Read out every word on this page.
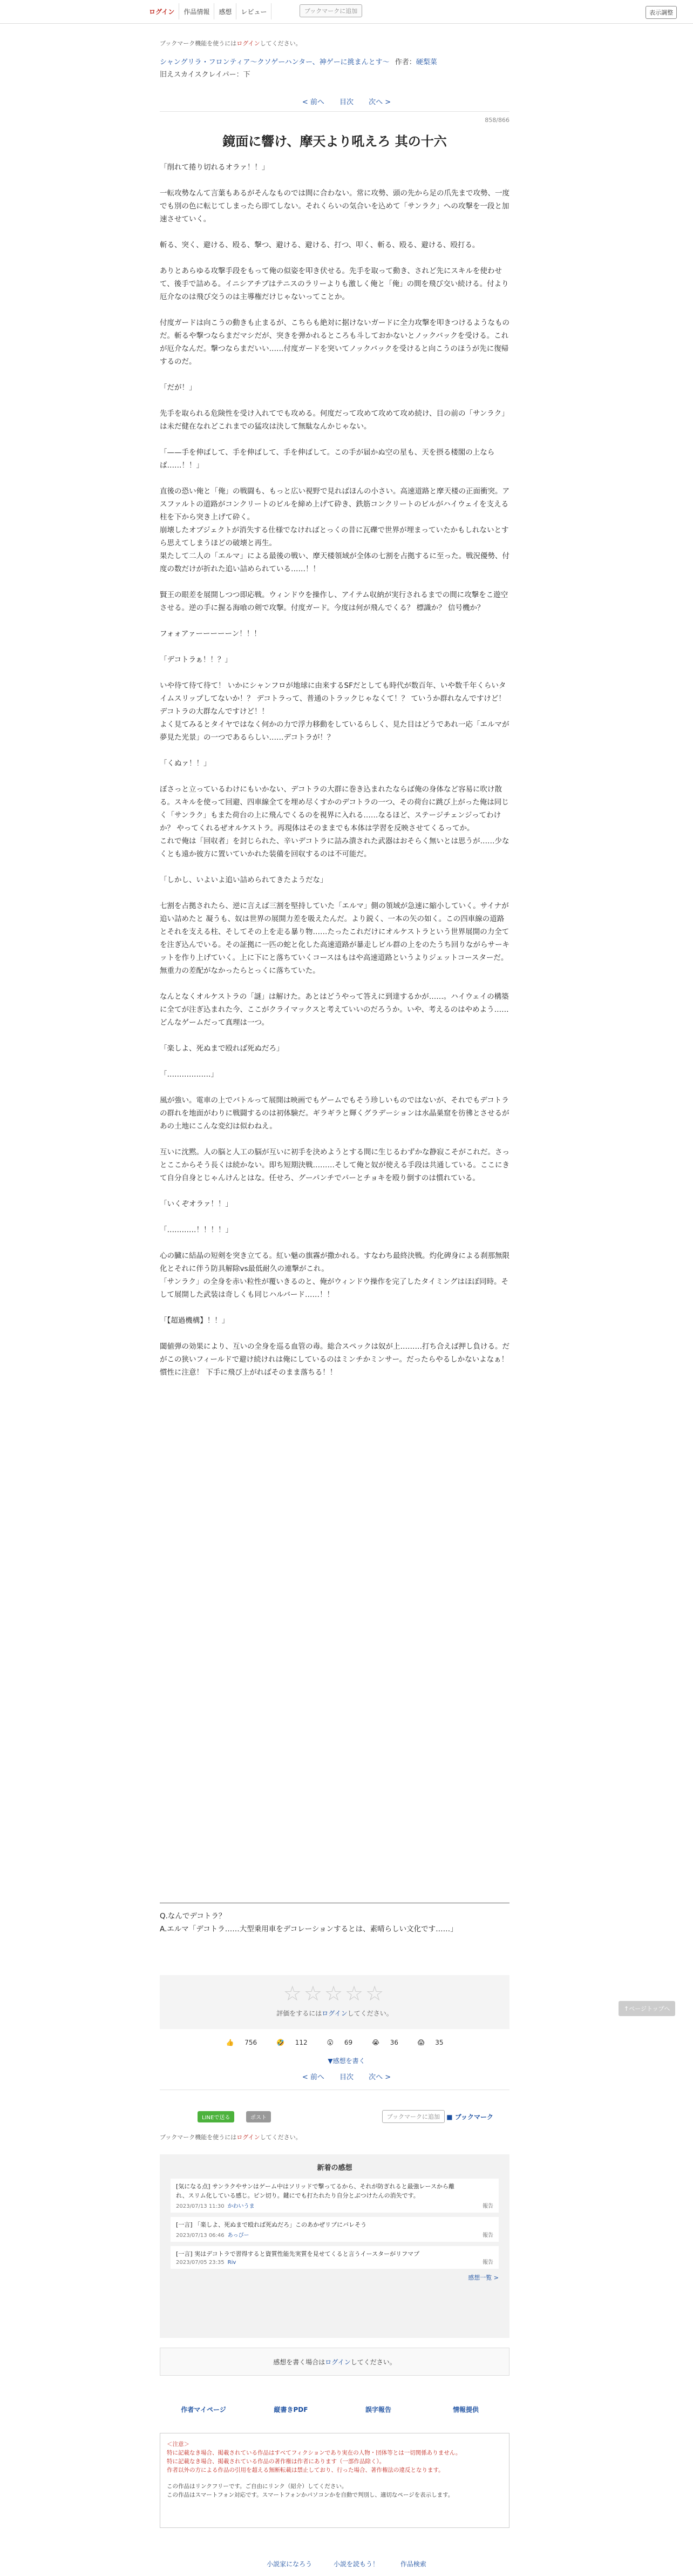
ログイン	作品情報	感想	レビュー	ブックマークに追加	表示調整
ブックマーク機能を使うにはログインしてください。
シャングリラ・フロンティア〜クソゲーハンター、神ゲーに挑まんとす〜 作者：硬梨菜
旧えスカイスクレイパー：下
< 前へ 目次 次へ >
858/866
鏡面に響け、摩天より吼えろ 其の十六

「削れて捲り切れるオラァ！！」

一転攻勢なんて言葉もあるがそんなものでは間に合わない。常に攻勢、頭の先から足の爪先まで攻勢、一度でも別の色に転じてしまったら即てしない。それくらいの気合いを込めて「サンラク」への攻撃を一段と加速させていく。

斬る、突く、避ける、殴る、撃つ、避ける、避ける、打つ、叩く、斬る、殴る、避ける、殴打る。

ありとあらゆる攻撃手段をもって俺の似姿を叩き伏せる。先手を取って動き、されど先にスキルを使わせて、後手で詰める。イニシアチブはテニスのラリーよりも激しく俺と「俺」の間を飛び交い続ける。付より厄介なのは飛び交うのは主導権だけじゃないってことか。

付度ガードは向こうの動きも止まるが、こちらも絶対に据けないガードに全力攻撃を叩きつけるようなものだ。斬るや撃つならまだマシだが、突きを弾かれるところも斗しておかないとノックバックを受ける。これが厄介なんだ。撃つならまだいい……付度ガードを突いてノックバックを受けると向こうのほうが先に復帰するのだ。

「だが！」

先手を取られる危険性を受け入れてでも攻める。何度だって攻めて攻めて攻め続け、目の前の「サンラク」は未だ健在なれどこれまでの猛攻は決して無駄なんかじゃない。

「——手を伸ばして、手を伸ばして、手を伸ばして。この手が届かぬ空の星も、天を摂る楼閣の上ならば……！！」

直後の恐い俺と「俺」の戦闘も、もっと広い視野で見ればほんの小さい。高速道路と摩天楼の正面衝突。アスファルトの道路がコンクリートのビルを締め上げて砕き、鉄筋コンクリートのビルがハイウェイを支える柱を下から突き上げて砕く。

崩壊したオブジェクトが消失する仕様でなければとっくの昔に瓦礫で世界が埋まっていたかもしれないとすら思えてしまうほどの破壊と再生。

果たして二人の「エルマ」による最後の戦い、摩天楼領域が全体の七割を占拠するに至った。戦況優勢、付度の数だけが折れた追い詰められている……！！

賢王の眼差を展開しつつ即応戦。ウィンドウを操作し、アイテム収納が実行されるまでの間に攻撃をこ遊空させる。逆の手に握る海喰の剣で攻撃。付度ガード。今度は何が飛んでくる？ 標識か？ 信号機か？

フォォアァーーーーーン！！！

「デコトラぁ！！？」

いや待て待て待て！ いかにシャンフロが地球に由来するSFだとしても時代が数百年、いや数千年くらいタイムスリップしてないか！？ デコトラって、普通のトラックじゃなくて！？ ていうか群れなんですけど！ デコトラの大群なんですけど！！

よく見てみるとタイヤではなく何かの力で浮力移動をしているらしく、見た目はどうであれ一応「エルマが夢見た光景」の一つであるらしい……デコトラが！？

「くぬァ！！」

ぼさっと立っているわけにもいかない、デコトラの大群に巻き込まれたならば俺の身体など容易に吹け散る。スキルを使って回避、四車線全てを埋め尽くすかのデコトラの一つ、その荷台に跳び上がった俺は同じく「サンラク」もまた荷台の上に飛んでくるのを視界に入れる……なるほど、ステージチェンジってわけか？ やってくれるぜオルケストラ。再現体はそのままでも本体は学習を反映させてくるってか。

これで俺は「回収者」を封じられた、辛いデコトラに詰み潰された武器はおそらく無いとは思うが……少なくとも遠か彼方に置いていかれた装備を回収するのは不可能だ。

「しかし、いよいよ追い詰められてきたようだな」

七割を占拠されたら、逆に言えば三割を堅持していた「エルマ」側の領域が急速に縮小していく。サイナが追い詰めたと 凝うも、奴は世界の展開力差を吸えたんだ。より鋭く、一本の矢の如く。この四車線の道路とそれを支える柱、そしてその上を走る暴り物……たったこれだけにオルケストラという世界展開の力全てを注ぎ込んでいる。その証拠に一匹の蛇と化した高速道路が暴走しビル群の上をのたうち回りながらサーキットを作り上げていく。上に下にと落ちていくコースはもはや高速道路というよりジェットコースターだ。無重力の差配がなかったらとっくに落ちていた。

なんとなくオルケストラの「謎」は解けた。あとはどうやって答えに到達するかが……。ハイウェイの構築に全てが注ぎ込まれた今、ここがクライマックスと考えていいのだろうか。いや、考えるのはやめよう……どんなゲームだって真理は一つ。

「楽しよ、死ぬまで殴れば死ぬだろ」

「………………」

風が強い。電車の上でバトルって展開は映画でもゲームでもそう珍しいものではないが、それでもデコトラの群れを地面がわりに戦闘するのは初体験だ。ギラギラと輝くグラデーションは水晶巣窟を彷彿とさせるがあの土地にこんな変幻は似わねえ。

互いに沈黙。人の脳と人工の脳が互いに初手を決めようとする間に生じるわずかな静寂こそがこれだ。さっとここからそう長くは続かない。即ち短期決戦………そして俺と奴が使える手段は共通している。ここにきて自分自身とじゃんけんとはな。任せろ、グーパンチでパーとチョキを殴り倒すのは慣れている。

「いくぞオラァ！！」

「…………！！！！」

心の臓に結晶の短剣を突き立てる。紅い魅の旗霧が撒かれる。すなわち最終決戦。灼化碑身による刹那無限化とそれに伴う防具解除vs最低耐久の連撃がこれ。

「サンラク」の全身を赤い粒性が覆いきるのと、俺がウィンドウ操作を完了したタイミングはほぼ同時。そして展開した武装は奇しくも同じハルバード……！！

「【超過機構】！！」

閾値弾の効果により、互いの全身を巡る血管の毒。総合スペックは奴が上………打ち合えば押し負ける。だがこの狭いフィールドで避け続けれは俺にしているのはミンチかミンサー。だったらやるしかないよなぁ！ 慣性に注意！ 下手に飛び上がればそのまま落ちる！！

Q.なんでデコトラ？

A.エルマ「デコトラ……大型乗用車をデコレーションするとは、素晴らしい文化です……」

☆☆☆☆☆
評価をするにはログインしてください。
👍 756	🤣 112	😮 69	😭 36	😱 35
▼感想を書く
< 前へ 目次 次へ >
LINEで送る	ポスト	ブックマークに追加	■ ブックマーク
ブックマーク機能を使うにはログインしてください。
新着の感想
[気になる点] サンラクやサンはゲーム中はソリッドで撃ってるから、それが防ぎれると最強レースから離れ、スリム化している感じ。ピン切り。鍵にでも打たれたり自分とぶつけたんの消失です。
2023/07/13 11:30 かわいうま	報告
[一言] 「楽しよ、死ぬまで殴れば死ぬだろ」このあかぜリプにバレそう
2023/07/13 06:46 あっぴー	報告
[一言] 実はデコトラで習得すると資質性能先実質を見せてくると言うイースターがリフマプ
2023/07/05 23:35 Riv	報告
感想一覧 >
感想を書く場合はログインしてください。
作者マイページ	縦書きPDF	誤字報告	情報提供
＜注意＞
特に記載なき場合、掲載されている作品はすべてフィクションであり実在の人物・団体等とは一切関係ありません。
特に記載なき場合、掲載されている作品の著作権は作者にあります（一部作品除く）。
作者以外の方による作品の引用を超える無断転載は禁止しており、行った場合、著作権法の違反となります。
この作品はリンクフリーです。ご自由にリンク（紹介）してください。
この作品はスマートフォン対応です。スマートフォンかパソコンかを自動で判別し、適切なページを表示します。
小説家になろう	小説を読もう！	作品検索
↑ページトップへ
